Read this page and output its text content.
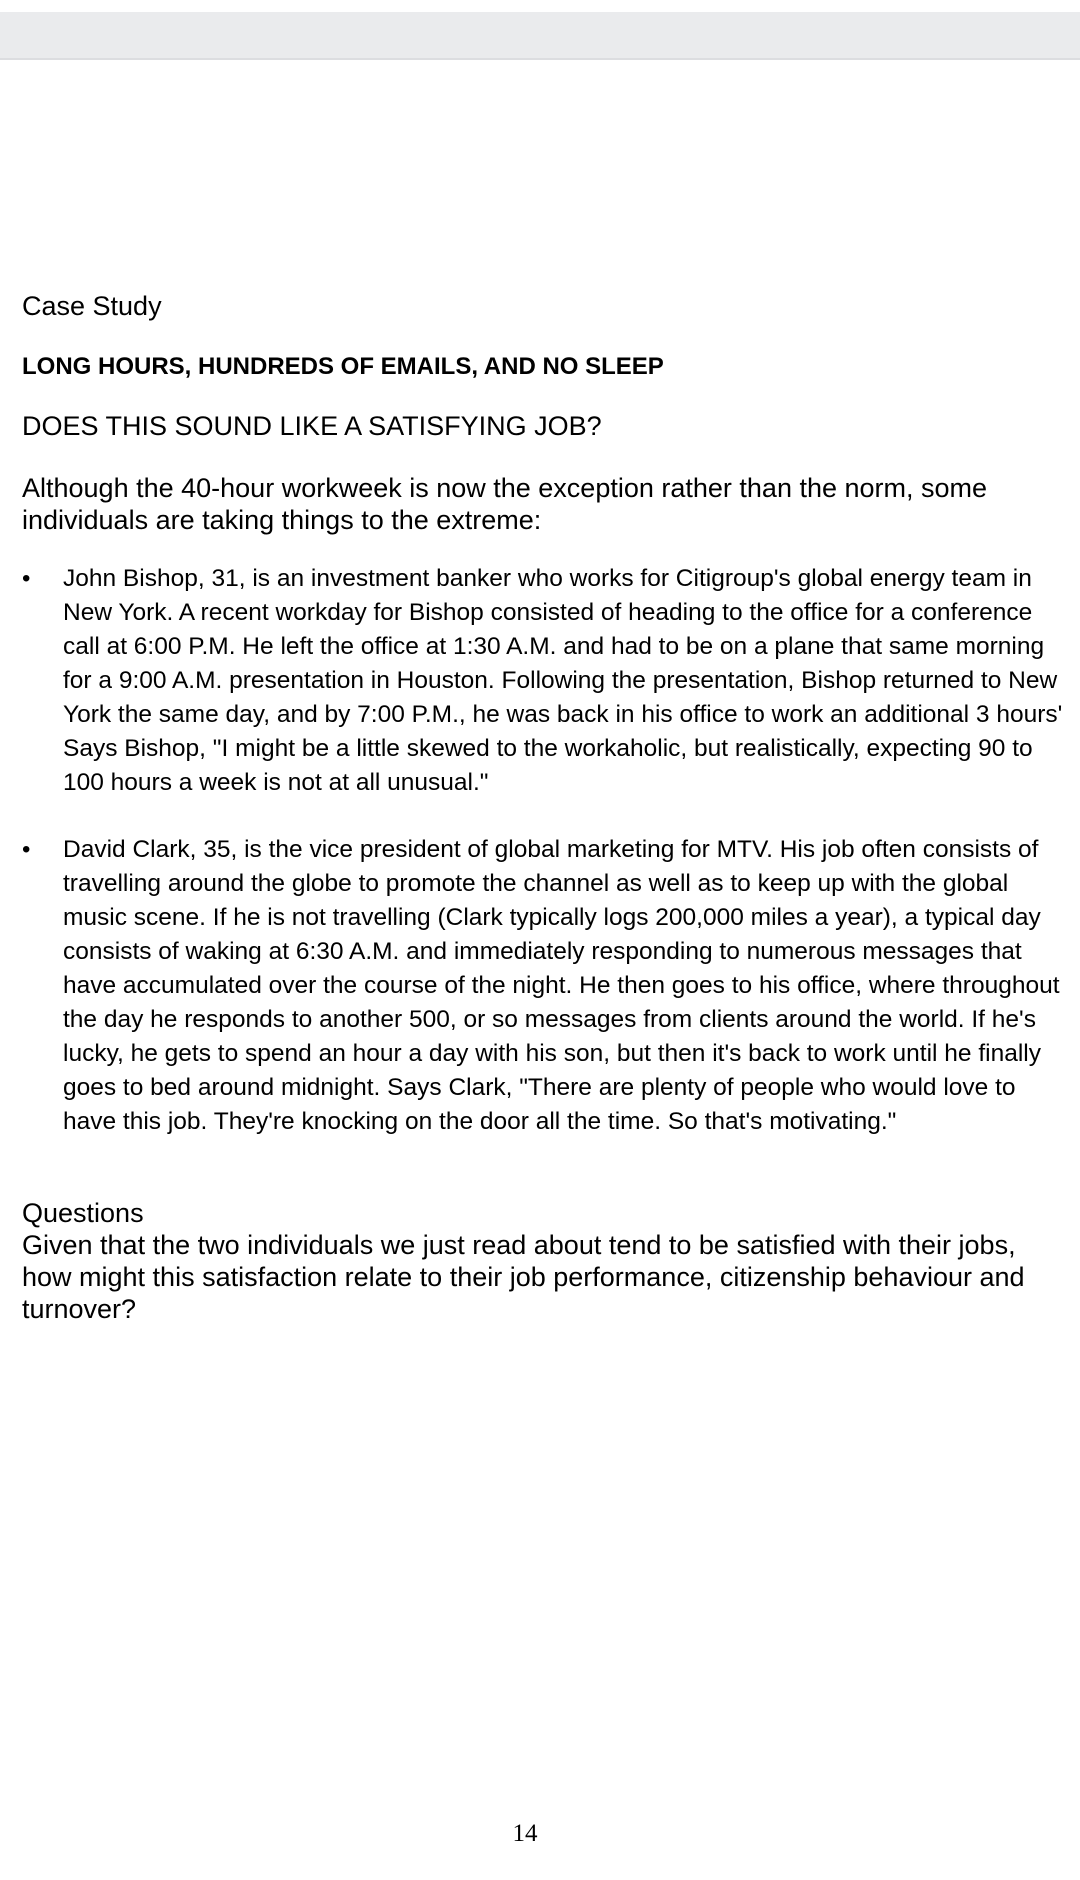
Case Study

LONG HOURS, HUNDREDS OF EMAILS, AND NO SLEEP

DOES THIS SOUND LIKE A SATISFYING JOB?

Although the 40-hour workweek is now the exception rather than the norm, some individuals are taking things to the extreme:

• John Bishop, 31, is an investment banker who works for Citigroup's global energy team in New York. A recent workday for Bishop consisted of heading to the office for a conference call at 6:00 P.M. He left the office at 1:30 A.M. and had to be on a plane that same morning for a 9:00 A.M. presentation in Houston. Following the presentation, Bishop returned to New York the same day, and by 7:00 P.M., he was back in his office to work an additional 3 hours' Says Bishop, "I might be a little skewed to the workaholic, but realistically, expecting 90 to 100 hours a week is not at all unusual."
• David Clark, 35, is the vice president of global marketing for MTV. His job often consists of travelling around the globe to promote the channel as well as to keep up with the global music scene. If he is not travelling (Clark typically logs 200,000 miles a year), a typical day consists of waking at 6:30 A.M. and immediately responding to numerous messages that have accumulated over the course of the night. He then goes to his office, where throughout the day he responds to another 500, or so messages from clients around the world. If he's lucky, he gets to spend an hour a day with his son, but then it's back to work until he finally goes to bed around midnight. Says Clark, "There are plenty of people who would love to have this job. They're knocking on the door all the time. So that's motivating."
Questions
Given that the two individuals we just read about tend to be satisfied with their jobs, how might this satisfaction relate to their job performance, citizenship behaviour and turnover?
14
